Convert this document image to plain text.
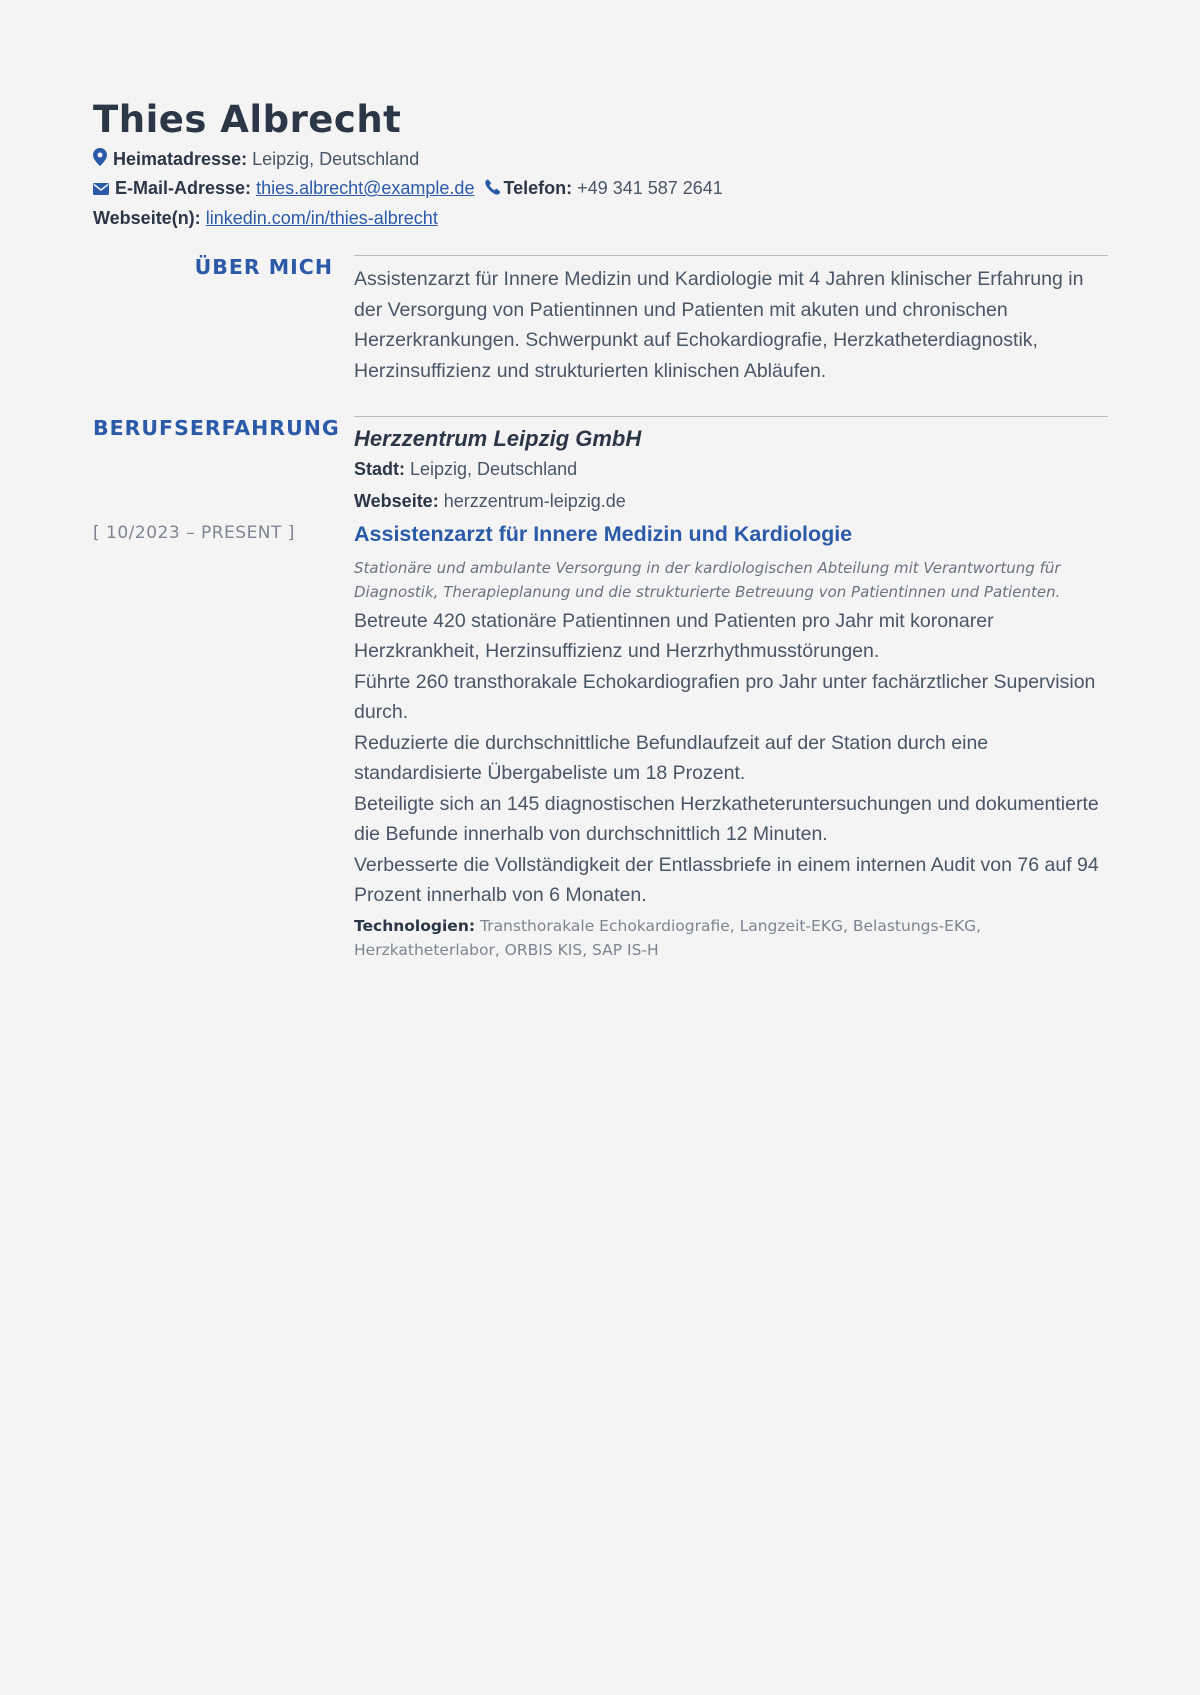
Thies Albrecht
Heimatadresse: Leipzig, Deutschland
E-Mail-Adresse: thies.albrecht@example.de Telefon: +49 341 587 2641
Webseite(n): linkedin.com/in/thies-albrecht
ÜBER MICH Assistenzarzt für Innere Medizin und Kardiologie mit 4 Jahren klinischer Erfahrung in der Versorgung von Patientinnen und Patienten mit akuten und chronischen Herzerkrankungen. Schwerpunkt auf Echokardiografie, Herzkatheterdiagnostik, Herzinsuffizienz und strukturierten klinischen Abläufen.

BERUFSERFAHRUNG Herzzentrum Leipzig GmbH
Stadt: Leipzig, Deutschland
Webseite: herzzentrum-leipzig.de
[ 10/2023 – PRESENT ]	Assistenzarzt für Innere Medizin und Kardiologie

Stationäre und ambulante Versorgung in der kardiologischen Abteilung mit Verantwortung für Diagnostik, Therapieplanung und die strukturierte Betreuung von Patientinnen und Patienten.

Betreute 420 stationäre Patientinnen und Patienten pro Jahr mit koronarer Herzkrankheit, Herzinsuffizienz und Herzrhythmusstörungen.
Führte 260 transthorakale Echokardiografien pro Jahr unter fachärztlicher Supervision durch.
Reduzierte die durchschnittliche Befundlaufzeit auf der Station durch eine standardisierte Übergabeliste um 18 Prozent.
Beteiligte sich an 145 diagnostischen Herzkatheteruntersuchungen und dokumentierte die Befunde innerhalb von durchschnittlich 12 Minuten.
Verbesserte die Vollständigkeit der Entlassbriefe in einem internen Audit von 76 auf 94 Prozent innerhalb von 6 Monaten.
Technologien: Transthorakale Echokardiografie, Langzeit-EKG, Belastungs-EKG, Herzkatheterlabor, ORBIS KIS, SAP IS-H
